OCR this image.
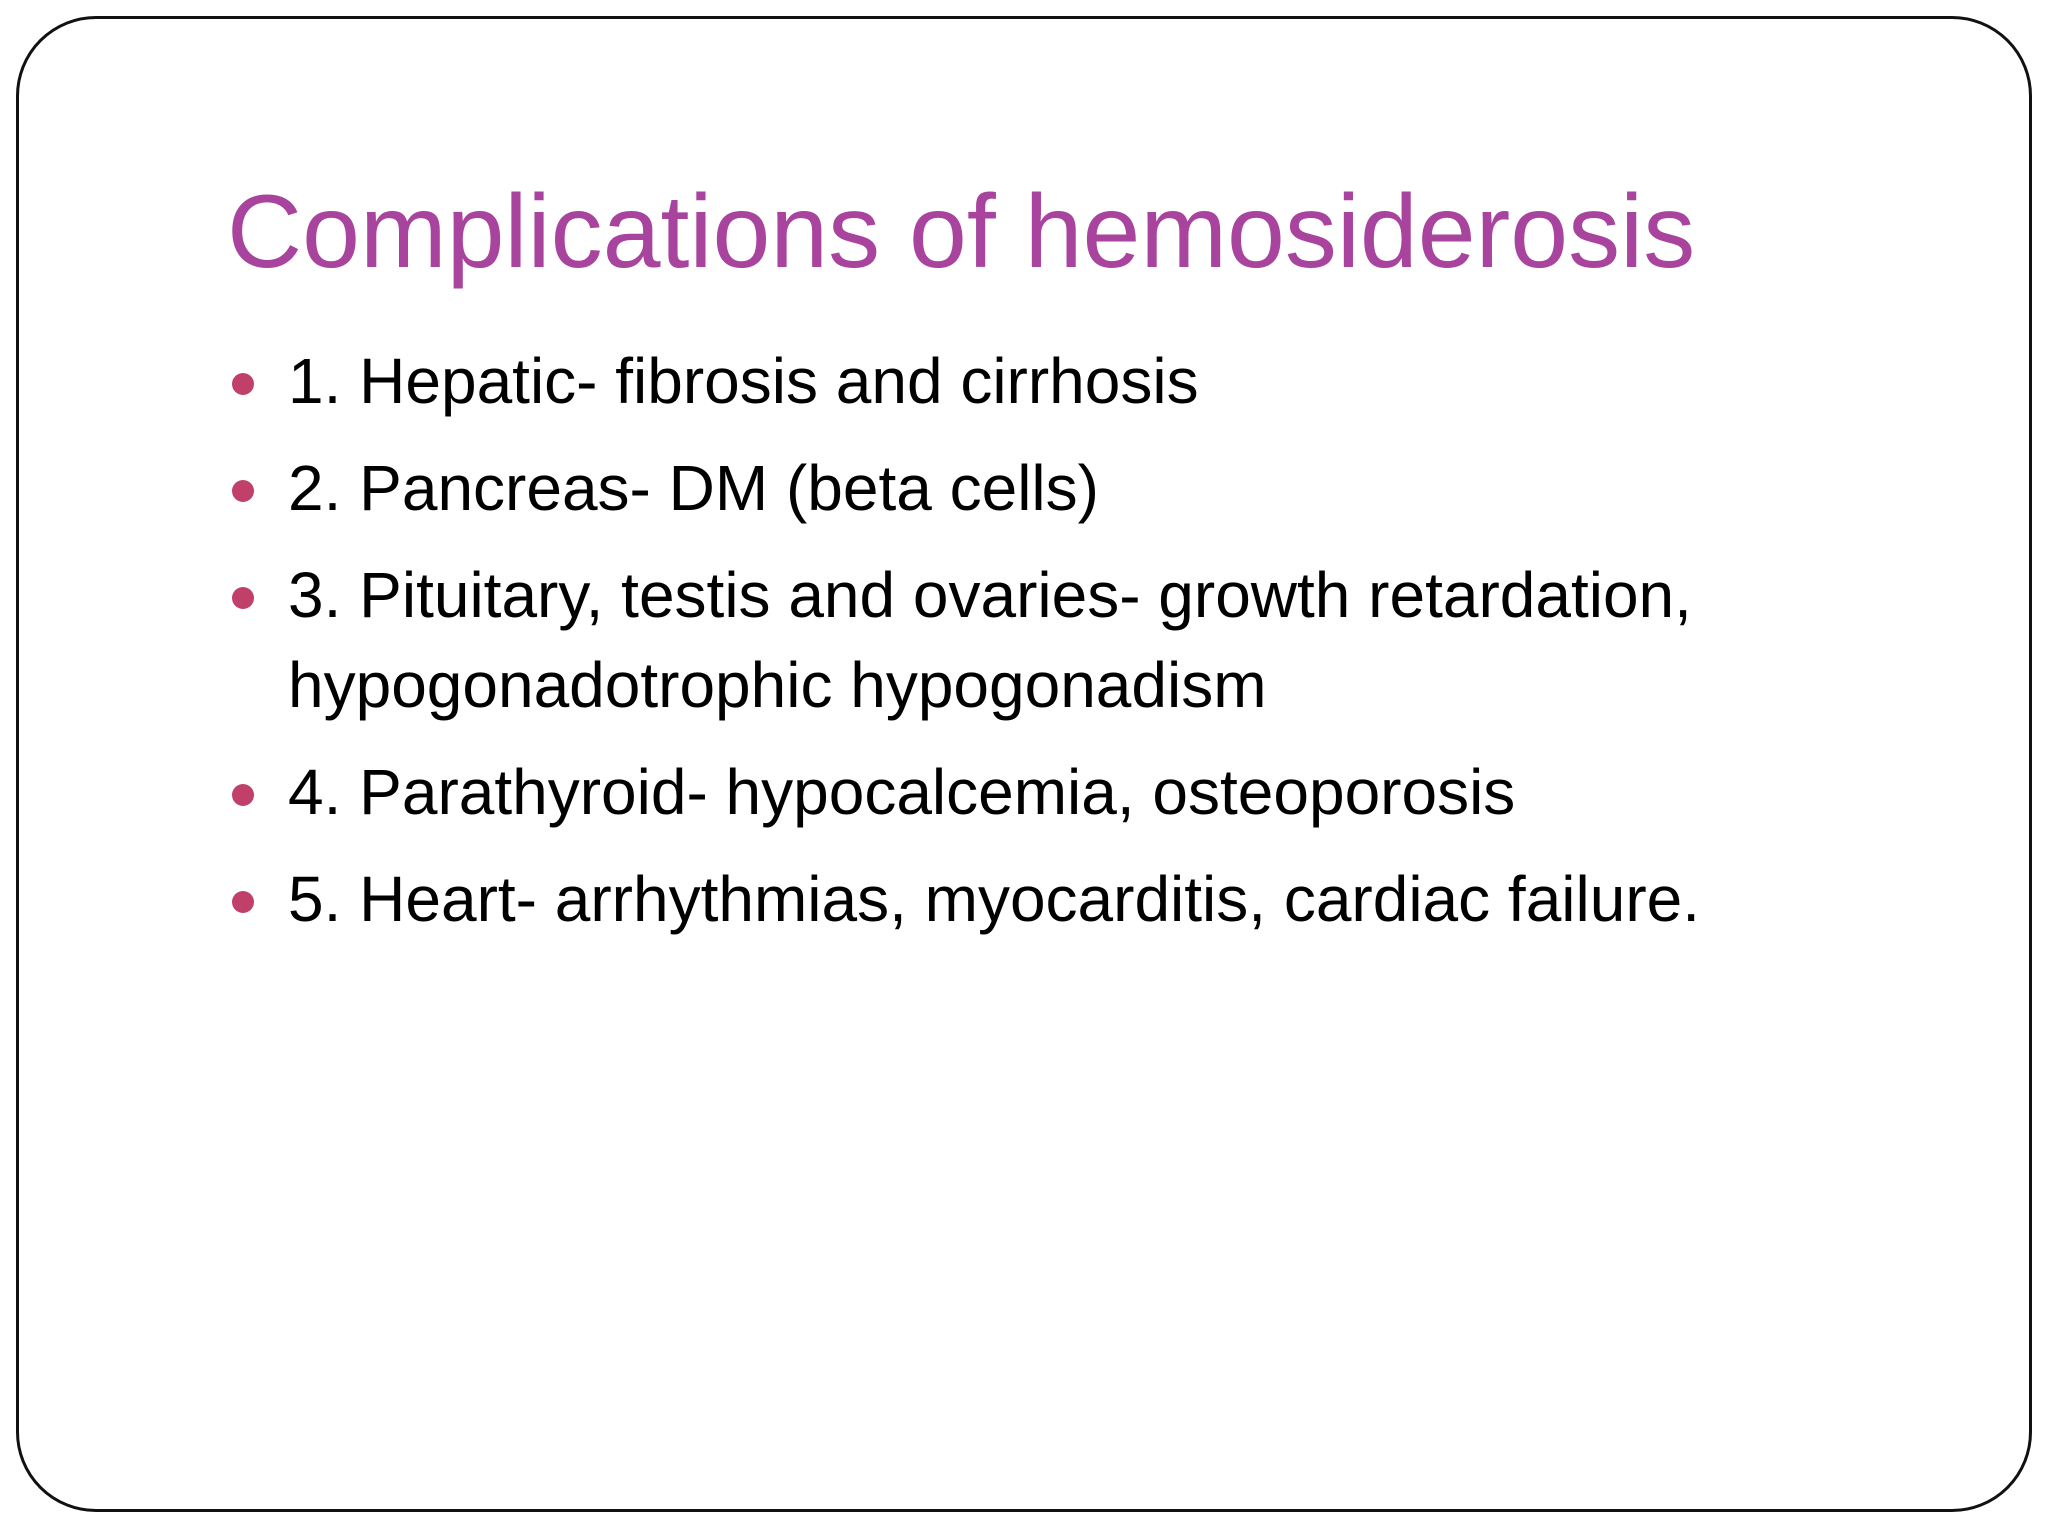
Complications of hemosiderosis
1. Hepatic- fibrosis and cirrhosis
2. Pancreas- DM (beta cells)
3. Pituitary, testis and ovaries- growth retardation, hypogonadotrophic hypogonadism
4. Parathyroid- hypocalcemia, osteoporosis
5. Heart- arrhythmias, myocarditis, cardiac failure.
